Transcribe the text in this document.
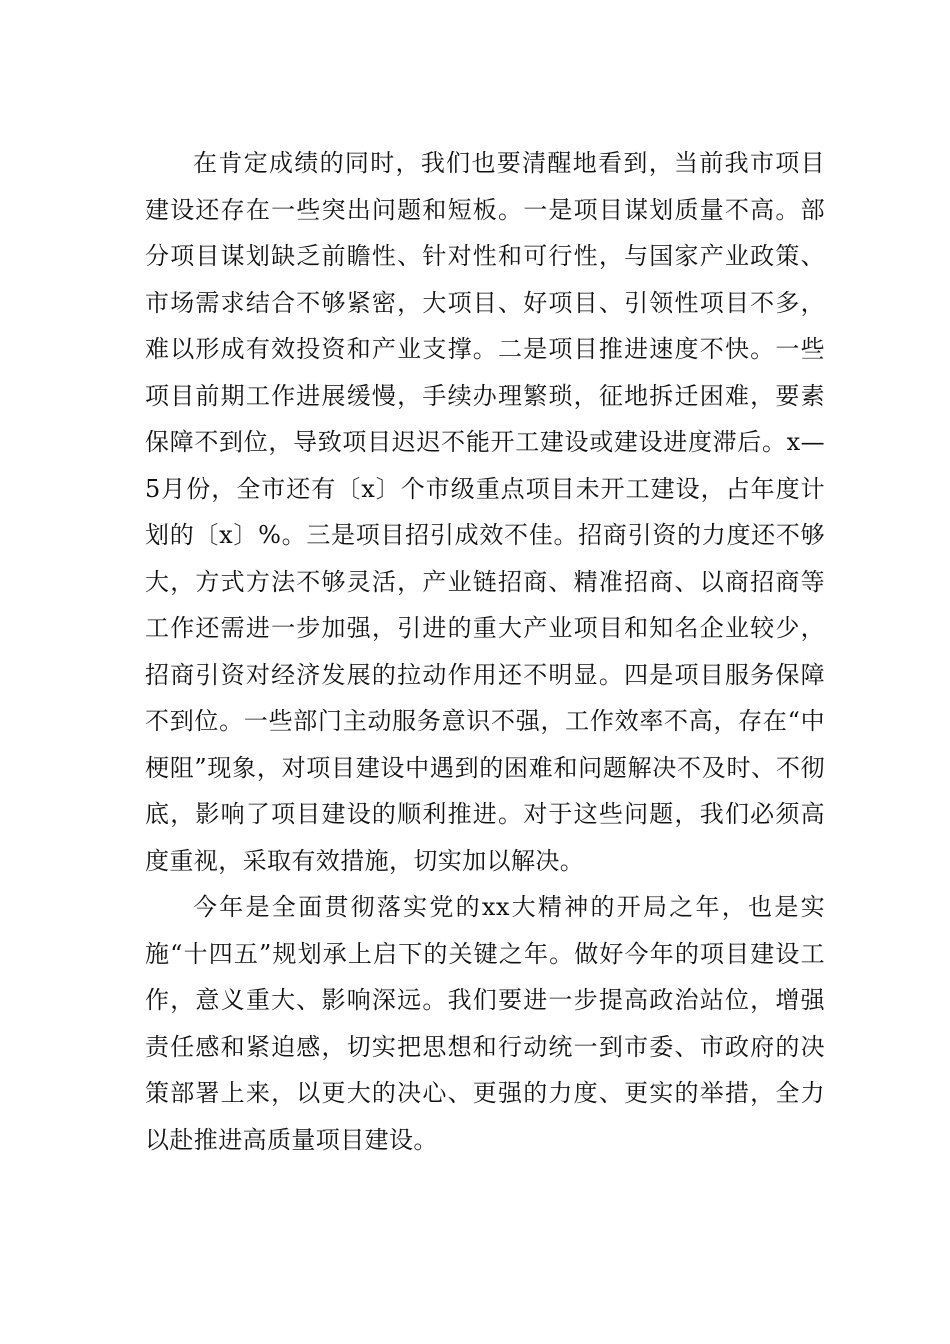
在肯定成绩的同时，我们也要清醒地看到，当前我市项目建设还存在一些突出问题和短板。一是项目谋划质量不高。部分项目谋划缺乏前瞻性、针对性和可行性，与国家产业政策、市场需求结合不够紧密，大项目、好项目、引领性项目不多，难以形成有效投资和产业支撑。二是项目推进速度不快。一些项目前期工作进展缓慢，手续办理繁琐，征地拆迁困难，要素保障不到位，导致项目迟迟不能开工建设或建设进度滞后。x—5月份，全市还有〔x〕个市级重点项目未开工建设，占年度计划的〔x〕%。三是项目招引成效不佳。招商引资的力度还不够大，方式方法不够灵活，产业链招商、精准招商、以商招商等工作还需进一步加强，引进的重大产业项目和知名企业较少，招商引资对经济发展的拉动作用还不明显。四是项目服务保障不到位。一些部门主动服务意识不强，工作效率不高，存在“中梗阻”现象，对项目建设中遇到的困难和问题解决不及时、不彻底，影响了项目建设的顺利推进。对于这些问题，我们必须高度重视，采取有效措施，切实加以解决。

今年是全面贯彻落实党的xx大精神的开局之年，也是实施“十四五”规划承上启下的关键之年。做好今年的项目建设工作，意义重大、影响深远。我们要进一步提高政治站位，增强责任感和紧迫感，切实把思想和行动统一到市委、市政府的决策部署上来，以更大的决心、更强的力度、更实的举措，全力以赴推进高质量项目建设。
